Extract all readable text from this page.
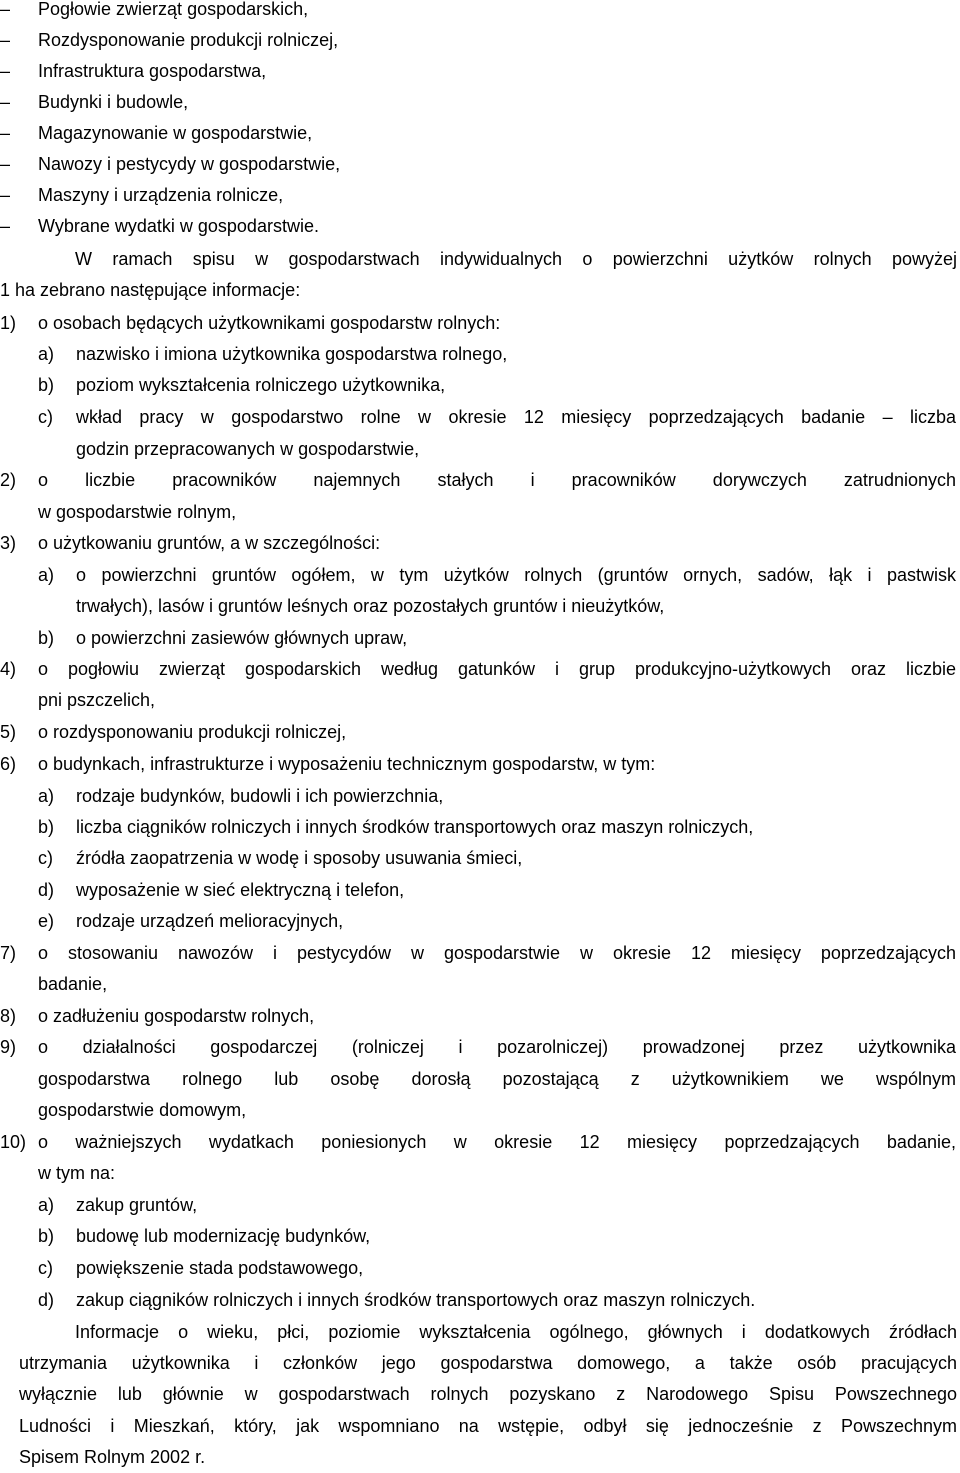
– Pogłowie zwierząt gospodarskich,
– Rozdysponowanie produkcji rolniczej,
– Infrastruktura gospodarstwa,
– Budynki i budowle,
– Magazynowanie w gospodarstwie,
– Nawozy i pestycydy w gospodarstwie,
– Maszyny i urządzenia rolnicze,
– Wybrane wydatki w gospodarstwie.
W ramach spisu w gospodarstwach indywidualnych o powierzchni użytków rolnych powyżej
1 ha zebrano następujące informacje:
1) o osobach będących użytkownikami gospodarstw rolnych:
a) nazwisko i imiona użytkownika gospodarstwa rolnego,
b) poziom wykształcenia rolniczego użytkownika,
c) wkład pracy w gospodarstwo rolne w okresie 12 miesięcy poprzedzających badanie – liczba
godzin przepracowanych w gospodarstwie,
2) o liczbie pracowników najemnych stałych i pracowników dorywczych zatrudnionych
w gospodarstwie rolnym,
3) o użytkowaniu gruntów, a w szczególności:
a) o powierzchni gruntów ogółem, w tym użytków rolnych (gruntów ornych, sadów, łąk i pastwisk
trwałych), lasów i gruntów leśnych oraz pozostałych gruntów i nieużytków,
b) o powierzchni zasiewów głównych upraw,
4) o pogłowiu zwierząt gospodarskich według gatunków i grup produkcyjno-użytkowych oraz liczbie
pni pszczelich,
5) o rozdysponowaniu produkcji rolniczej,
6) o budynkach, infrastrukturze i wyposażeniu technicznym gospodarstw, w tym:
a) rodzaje budynków, budowli i ich powierzchnia,
b) liczba ciągników rolniczych i innych środków transportowych oraz maszyn rolniczych,
c) źródła zaopatrzenia w wodę i sposoby usuwania śmieci,
d) wyposażenie w sieć elektryczną i telefon,
e) rodzaje urządzeń melioracyjnych,
7) o stosowaniu nawozów i pestycydów w gospodarstwie w okresie 12 miesięcy poprzedzających
badanie,
8) o zadłużeniu gospodarstw rolnych,
9) o działalności gospodarczej (rolniczej i pozarolniczej) prowadzonej przez użytkownika
gospodarstwa rolnego lub osobę dorosłą pozostającą z użytkownikiem we wspólnym
gospodarstwie domowym,
10) o ważniejszych wydatkach poniesionych w okresie 12 miesięcy poprzedzających badanie,
w tym na:
a) zakup gruntów,
b) budowę lub modernizację budynków,
c) powiększenie stada podstawowego,
d) zakup ciągników rolniczych i innych środków transportowych oraz maszyn rolniczych.
Informacje o wieku, płci, poziomie wykształcenia ogólnego, głównych i dodatkowych źródłach
utrzymania użytkownika i członków jego gospodarstwa domowego, a także osób pracujących
wyłącznie lub głównie w gospodarstwach rolnych pozyskano z Narodowego Spisu Powszechnego
Ludności i Mieszkań, który, jak wspomniano na wstępie, odbył się jednocześnie z Powszechnym
Spisem Rolnym 2002 r.
